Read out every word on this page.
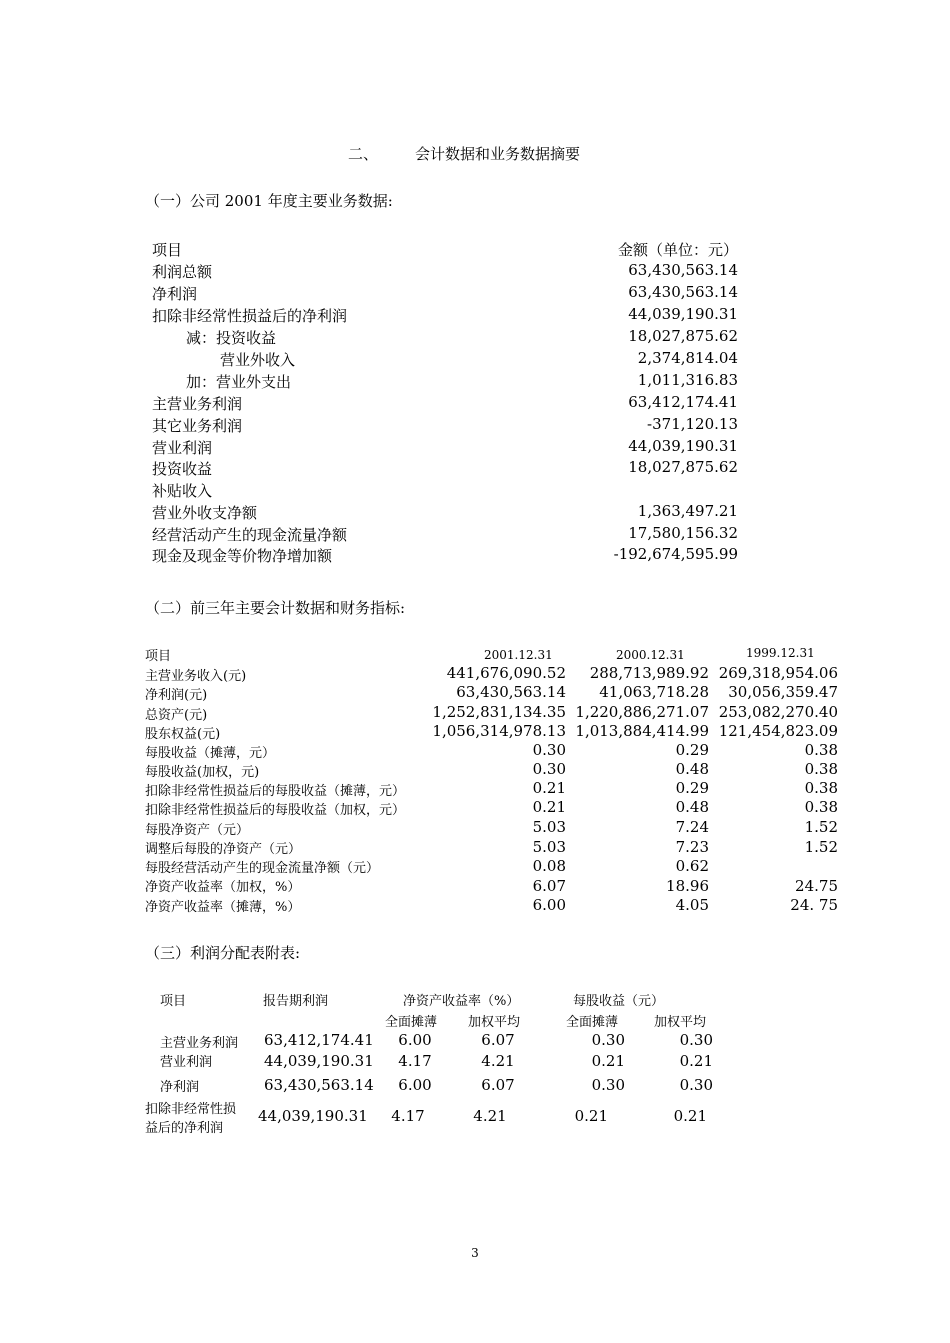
二、 会计数据和业务数据摘要
（一）公司 2001 年度主要业务数据:
项目	金额（单位：元）
利润总额	63,430,563.14
净利润	63,430,563.14
扣除非经常性损益后的净利润	44,039,190.31
减：投资收益	18,027,875.62
营业外收入	2,374,814.04
加：营业外支出	1,011,316.83
主营业务利润	63,412,174.41
其它业务利润	-371,120.13
营业利润	44,039,190.31
投资收益	18,027,875.62
补贴收入
营业外收支净额	1,363,497.21
经营活动产生的现金流量净额	17,580,156.32
现金及现金等价物净增加额	-192,674,595.99
（二）前三年主要会计数据和财务指标:
项目	2001.12.31	2000.12.31	1999.12.31
主营业务收入(元)	441,676,090.52	288,713,989.92 269,318,954.06
净利润(元)	63,430,563.14	41,063,718.28	30,056,359.47
总资产(元)	1,252,831,134.35 1,220,886,271.07 253,082,270.40
股东权益(元)	1,056,314,978.13 1,013,884,414.99 121,454,823.09
每股收益（摊薄，元）	0.30	0.29	0.38
每股收益(加权，元)	0.30	0.48	0.38
扣除非经常性损益后的每股收益（摊薄，元）	0.21	0.29	0.38
扣除非经常性损益后的每股收益（加权，元）	0.21	0.48	0.38
每股净资产（元）	5.03	7.24	1.52
调整后每股的净资产（元）	5.03	7.23	1.52
每股经营活动产生的现金流量净额（元）	0.08	0.62
净资产收益率（加权，%）	6.07	18.96	24.75
净资产收益率（摊薄，%）	6.00	4.05	24. 75
（三）利润分配表附表:
项目	报告期利润	净资产收益率（%）	每股收益（元）
全面摊薄 加权平均	全面摊薄	加权平均
主营业务利润 63,412,174.41	6.00	6.07	0.30	0.30
营业利润	44,039,190.31	4.17	4.21	0.21	0.21
净利润	63,430,563.14	6.00	6.07	0.30	0.30
扣除非经常性损
益后的净利润
44,039,190.31	4.17	4.21	0.21	0.21
3
